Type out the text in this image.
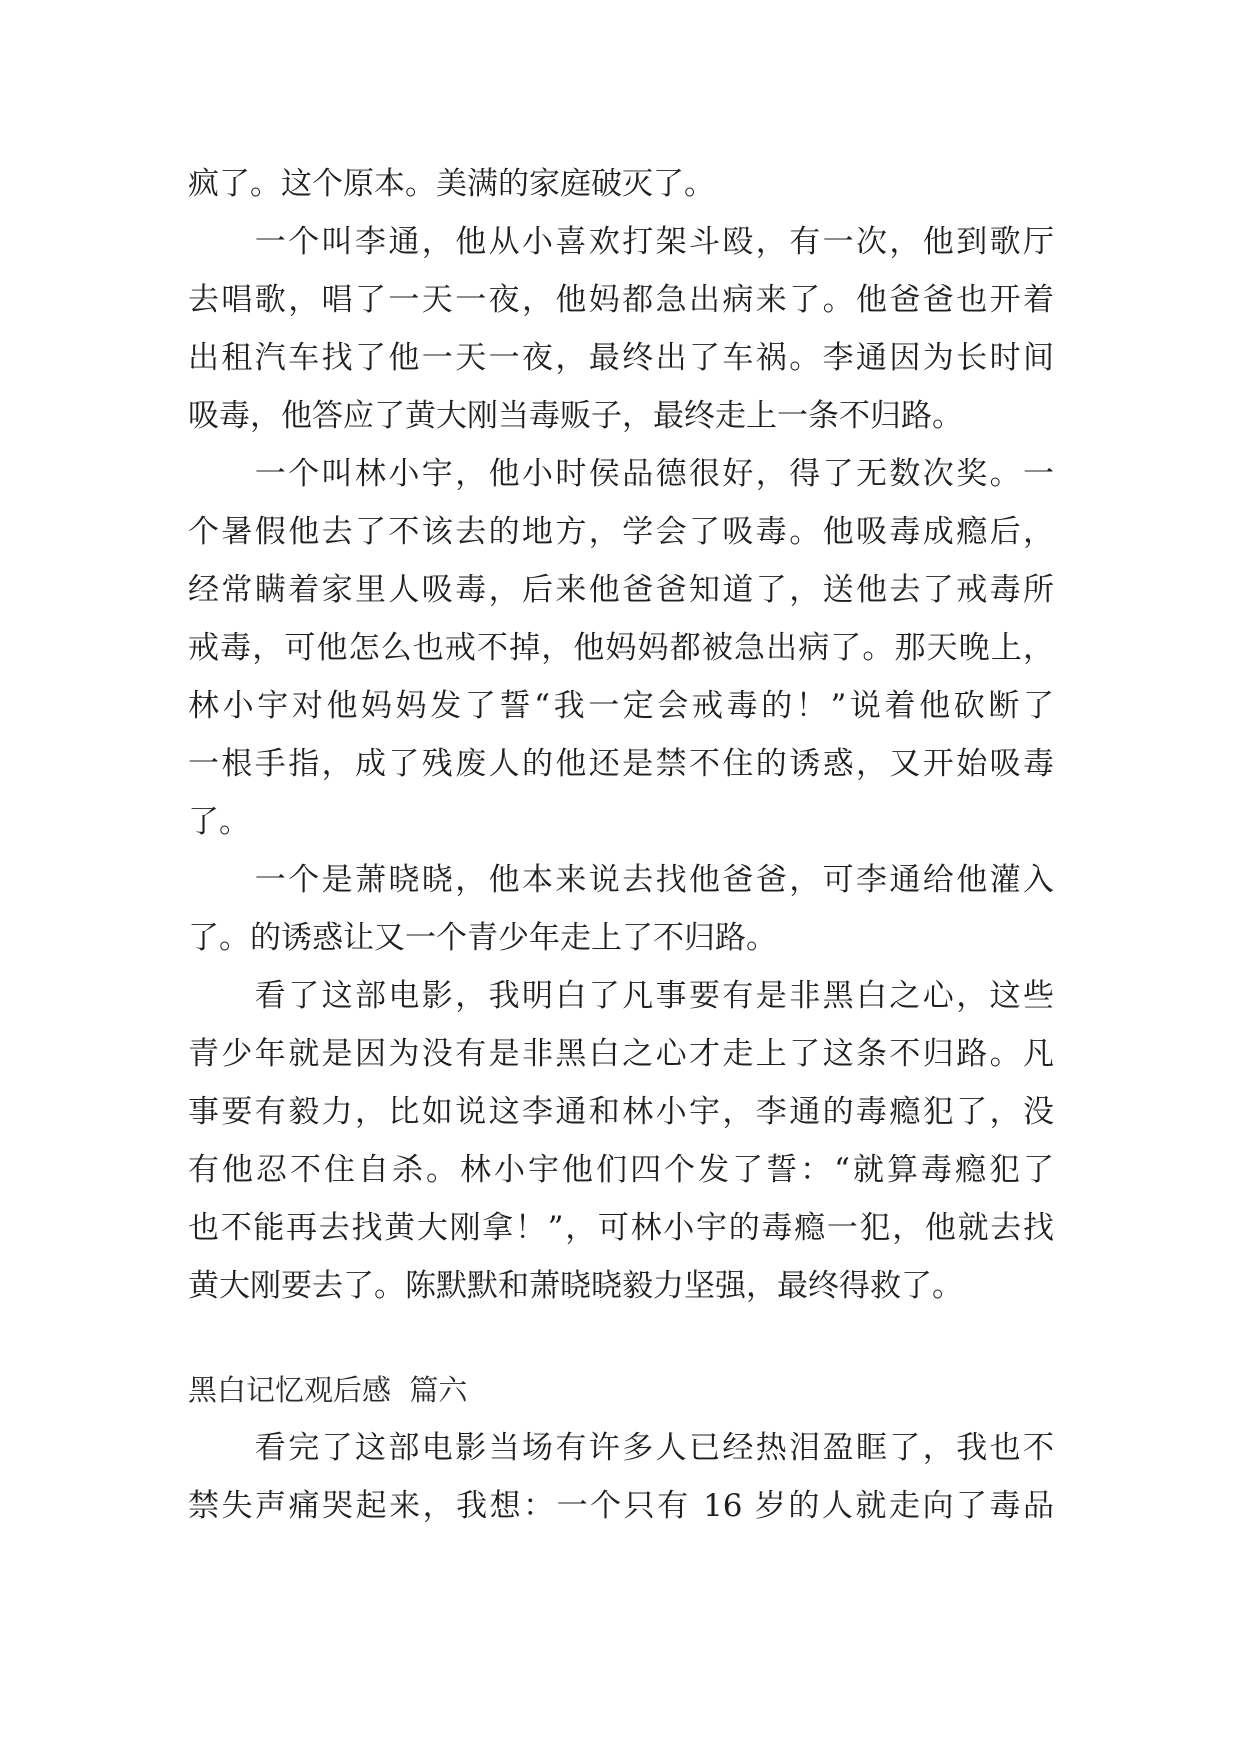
疯了。这个原本。美满的家庭破灭了。
　　一个叫李通，他从小喜欢打架斗殴，有一次，他到歌厅
去唱歌，唱了一天一夜，他妈都急出病来了。他爸爸也开着
出租汽车找了他一天一夜，最终出了车祸。李通因为长时间
吸毒，他答应了黄大刚当毒贩子，最终走上一条不归路。
　　一个叫林小宇，他小时侯品德很好，得了无数次奖。一
个暑假他去了不该去的地方，学会了吸毒。他吸毒成瘾后，
经常瞒着家里人吸毒，后来他爸爸知道了，送他去了戒毒所
戒毒，可他怎么也戒不掉，他妈妈都被急出病了。那天晚上，
林小宇对他妈妈发了誓“我一定会戒毒的！”说着他砍断了
一根手指，成了残废人的他还是禁不住的诱惑，又开始吸毒
了。
　　一个是萧晓晓，他本来说去找他爸爸，可李通给他灌入
了。的诱惑让又一个青少年走上了不归路。
　　看了这部电影，我明白了凡事要有是非黑白之心，这些
青少年就是因为没有是非黑白之心才走上了这条不归路。凡
事要有毅力，比如说这李通和林小宇，李通的毒瘾犯了，没
有他忍不住自杀。林小宇他们四个发了誓：“就算毒瘾犯了
也不能再去找黄大刚拿！”，可林小宇的毒瘾一犯，他就去找
黄大刚要去了。陈默默和萧晓晓毅力坚强，最终得救了。
黑白记忆观后感  篇六
　　看完了这部电影当场有许多人已经热泪盈眶了，我也不
禁失声痛哭起来，我想：一个只有 16 岁的人就走向了毒品
